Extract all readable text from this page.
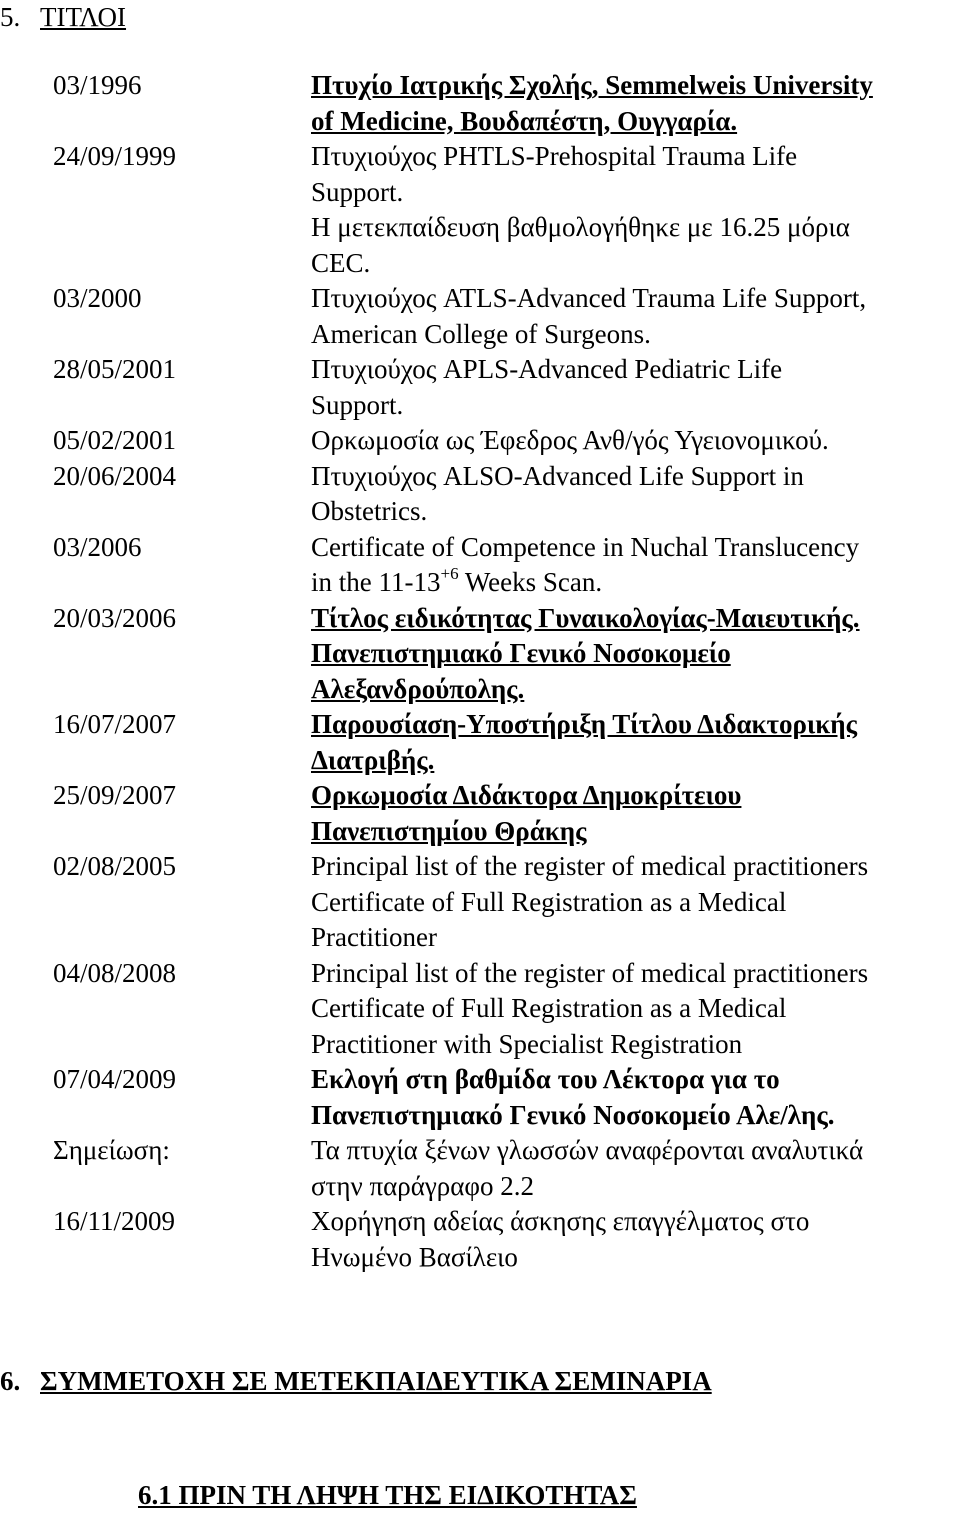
5. ΤΙΤΛΟΙ
03/1996	Πτυχίο Ιατρικής Σχολής, Semmelweis University
of Medicine, Βουδαπέστη, Ουγγαρία.
24/09/1999	Πτυχιούχος PHTLS-Prehospital Trauma Life
Support.
Η μετεκπαίδευση βαθμολογήθηκε με 16.25 μόρια
CEC.
03/2000	Πτυχιούχος ATLS-Advanced Trauma Life Support,
American College of Surgeons.
28/05/2001	Πτυχιούχος APLS-Advanced Pediatric Life
Support.
05/02/2001	Ορκωμοσία ως Έφεδρος Ανθ/γός Υγειονομικού.
20/06/2004	Πτυχιούχος ALSO-Advanced Life Support in
Obstetrics.
03/2006	Certificate of Competence in Nuchal Translucency
in the $11-13^{+6}$ Weeks Scan.
20/03/2006	Τίτλος ειδικότητας Γυναικολογίας-Μαιευτικής.
Πανεπιστημιακό Γενικό Νοσοκομείο
Αλεξανδρούπολης.
16/07/2007	Παρουσίαση-Υποστήριξη Τίτλου Διδακτορικής
Διατριβής.
25/09/2007	Ορκωμοσία Διδάκτορα Δημοκρίτειου
Πανεπιστημίου Θράκης
02/08/2005	Principal list of the register of medical practitioners
Certificate of Full Registration as a Medical
Practitioner
04/08/2008	Principal list of the register of medical practitioners
Certificate of Full Registration as a Medical
Practitioner with Specialist Registration
07/04/2009	Εκλογή στη βαθμίδα του Λέκτορα για το
Πανεπιστημιακό Γενικό Νοσοκομείο Αλε/λης.
Σημείωση:	Τα πτυχία ξένων γλωσσών αναφέρονται αναλυτικά
στην παράγραφο 2.2
16/11/2009	Χορήγηση αδείας άσκησης επαγγέλματος στο
Ηνωμένο Βασίλειο
6. ΣΥΜΜΕΤΟΧΗ ΣΕ ΜΕΤΕΚΠΑΙΔΕΥΤΙΚΑ ΣΕΜΙΝΑΡΙΑ
6.1 ΠΡΙΝ ΤΗ ΛΗΨΗ ΤΗΣ ΕΙΔΙΚΟΤΗΤΑΣ
